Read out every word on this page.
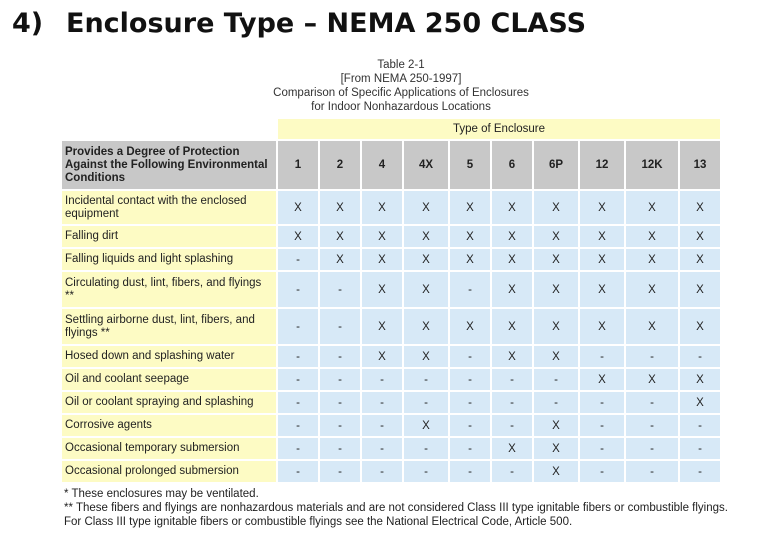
4) Enclosure Type – NEMA 250 CLASS
Table 2-1
[From NEMA 250-1997]
Comparison of Specific Applications of Enclosures
for Indoor Nonhazardous Locations
	Type of Enclosure									
Provides a Degree of Protection Against the Following Environmental Conditions	1	2	4	4X	5	6	6P	12	12K	13
Incidental contact with the enclosed equipment	X	X	X	X	X	X	X	X	X	X
Falling dirt	X	X	X	X	X	X	X	X	X	X
Falling liquids and light splashing	-	X	X	X	X	X	X	X	X	X
Circulating dust, lint, fibers, and flyings **	-	-	X	X	-	X	X	X	X	X
Settling airborne dust, lint, fibers, and flyings **	-	-	X	X	X	X	X	X	X	X
Hosed down and splashing water	-	-	X	X	-	X	X	-	-	-
Oil and coolant seepage	-	-	-	-	-	-	-	X	X	X
Oil or coolant spraying and splashing	-	-	-	-	-	-	-	-	-	X
Corrosive agents	-	-	-	X	-	-	X	-	-	-
Occasional temporary submersion	-	-	-	-	-	X	X	-	-	-
Occasional prolonged submersion	-	-	-	-	-	-	X	-	-	-
* These enclosures may be ventilated.
** These fibers and flyings are nonhazardous materials and are not considered Class III type ignitable fibers or combustible flyings. For Class III type ignitable fibers or combustible flyings see the National Electrical Code, Article 500.
